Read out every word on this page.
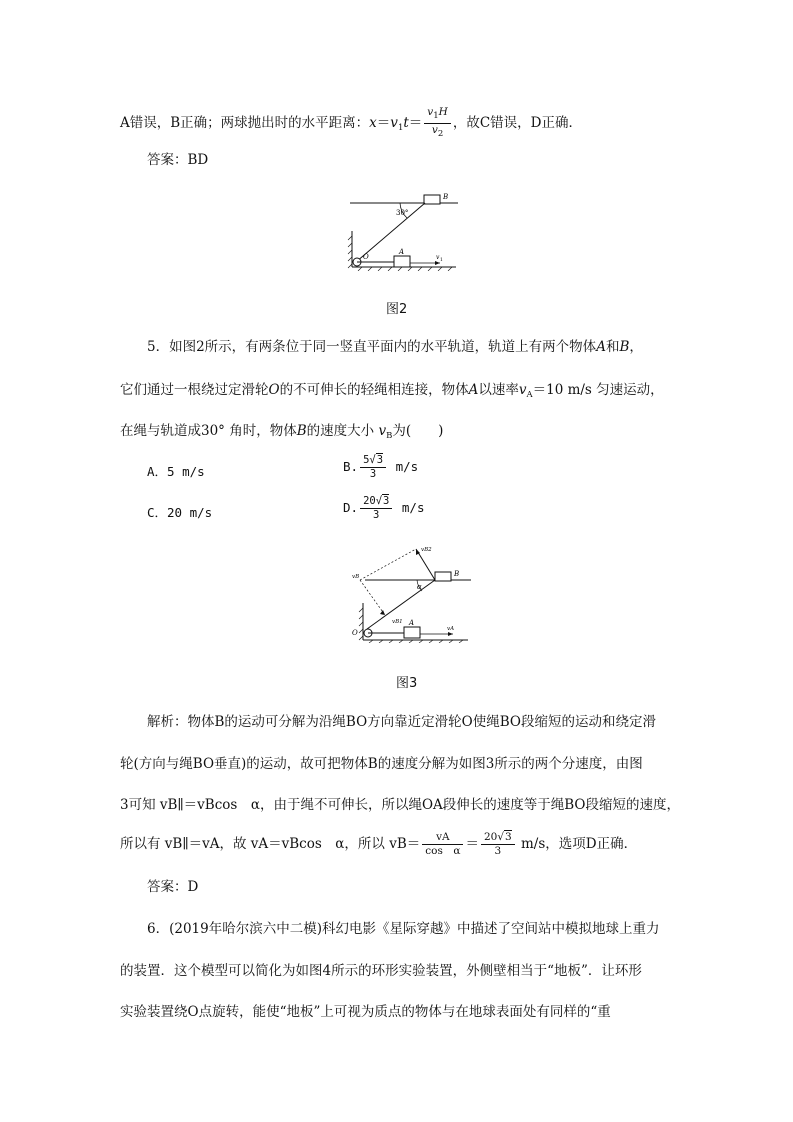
A错误，B正确；两球抛出时的水平距离：$x=v_1t= \frac{v_1H}{v_2}$ ，故C错误，D正确．
答案：BD
30°
B
A
O	v 1
图2
5．如图2所示，有两条位于同一竖直平面内的水平轨道，轨道上有两个物体A和B，
它们通过一根绕过定滑轮O的不可伸长的轻绳相连接，物体A以速率$v_A=10$ m/s 匀速运动，
在绳与轨道成30° 角时，物体B的速度大小 $v_B$为(　　)
A．5 m/s	B. $\frac{5√3}{3} m/s$
C．20 m/s	D. $\frac{20√3}{3} m/s$
α
vB2
vB	B
vB1 A
O	vA
图3
解析：物体B的运动可分解为沿绳BO方向靠近定滑轮O使绳BO段缩短的运动和绕定滑
轮(方向与绳BO垂直)的运动，故可把物体B的速度分解为如图3所示的两个分速度，由图
3可知 vB∥＝vBcos　α，由于绳不可伸长，所以绳OA段伸长的速度等于绳BO段缩短的速度，
所以有 vB∥＝vA，故 vA＝vBcos　α，所以 $vB= \frac{vA}{\text{cos　α}} = \frac{20√3}{3} m/s$，选项D正确．
答案：D
6．(2019年哈尔滨六中二模)科幻电影《星际穿越》中描述了空间站中模拟地球上重力
的装置．这个模型可以简化为如图4所示的环形实验装置，外侧壁相当于“地板”．让环形
实验装置绕O点旋转，能使“地板”上可视为质点的物体与在地球表面处有同样的“重
